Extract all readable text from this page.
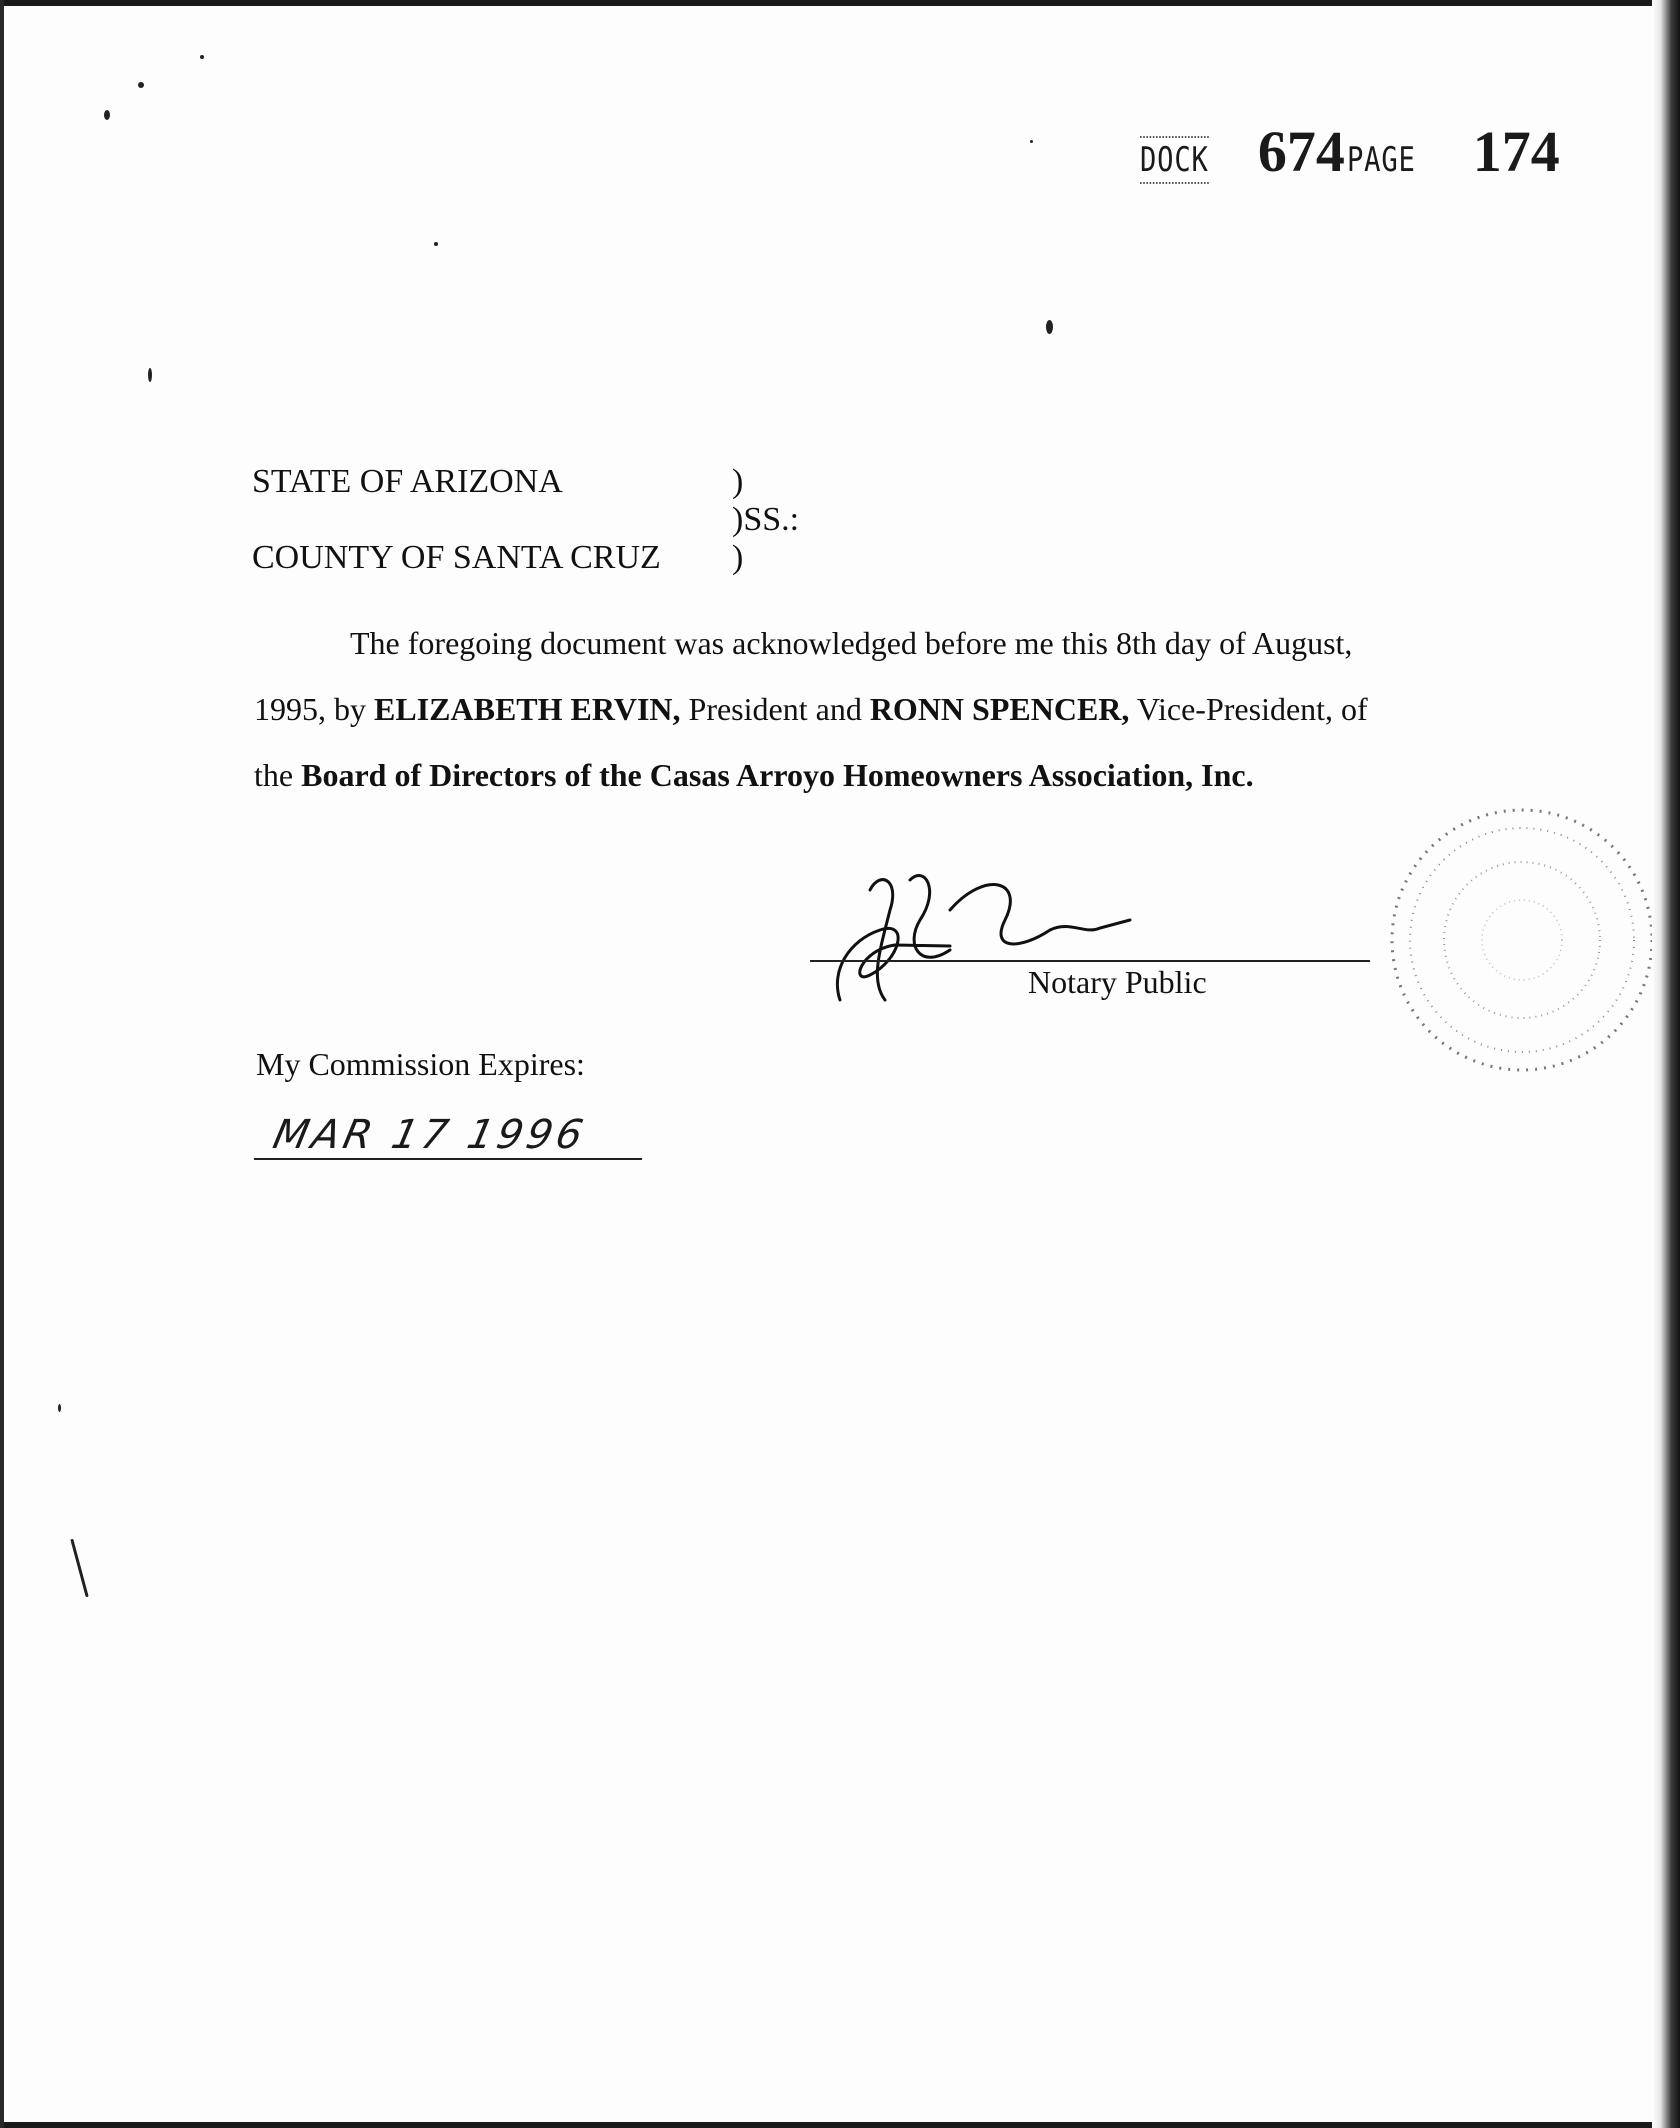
DOCK 674 PAGE 174
STATE OF ARIZONA	)
)SS.:
COUNTY OF SANTA CRUZ )

The foregoing document was acknowledged before me this 8th day of August,

1995, by ELIZABETH ERVIN, President and RONN SPENCER, Vice-President, of

the Board of Directors of the Casas Arroyo Homeowners Association, Inc.

Notary Public
My Commission Expires:
MAR 17 1996
